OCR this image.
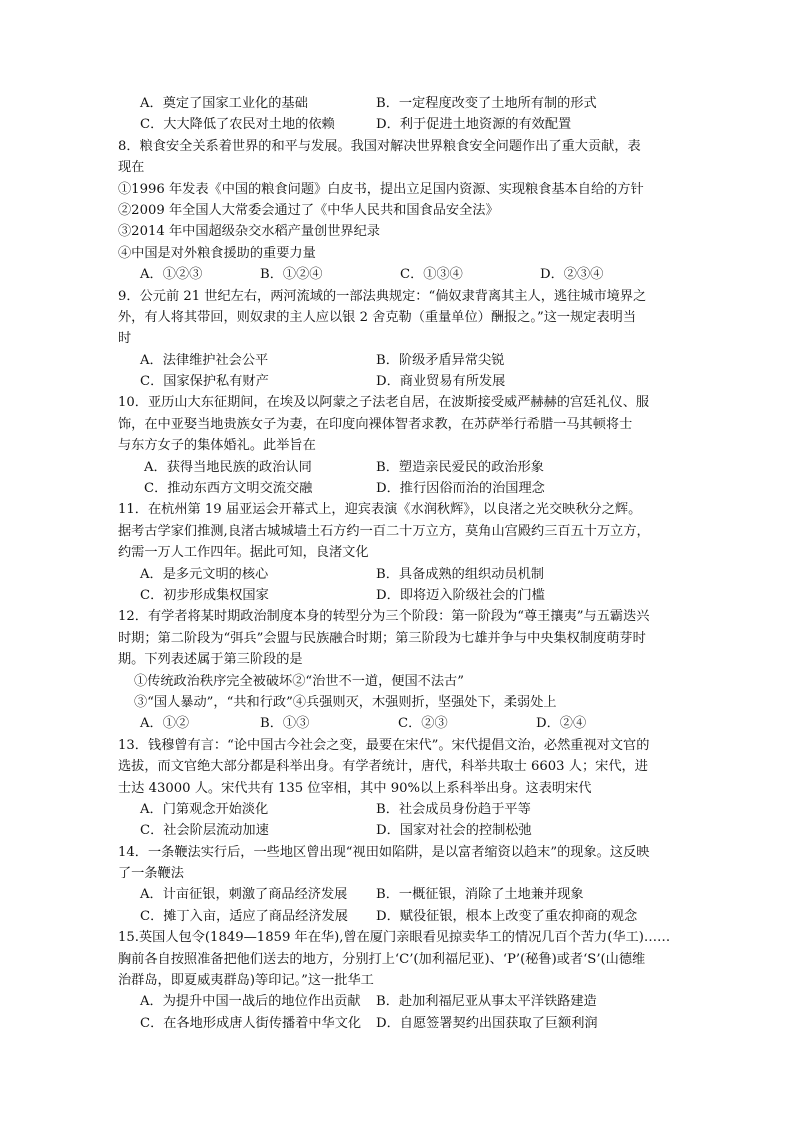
A．奠定了国家工业化的基础	B．一定程度改变了土地所有制的形式
C．大大降低了农民对土地的依赖	D．利于促进土地资源的有效配置
8．粮食安全关系着世界的和平与发展。我国对解决世界粮食安全问题作出了重大贡献，表
现在
①1996 年发表《中国的粮食问题》白皮书，提出立足国内资源、实现粮食基本自给的方针
②2009 年全国人大常委会通过了《中华人民共和国食品安全法》
③2014 年中国超级杂交水稻产量创世界纪录
④中国是对外粮食援助的重要力量
A．①②③	B．①②④	C．①③④	D．②③④
9．公元前 21 世纪左右，两河流域的一部法典规定：“倘奴隶背离其主人，逃往城市境界之
外，有人将其带回，则奴隶的主人应以银 2 舍克勒（重量单位）酬报之。”这一规定表明当
时
A．法律维护社会公平	B．阶级矛盾异常尖锐
C．国家保护私有财产	D．商业贸易有所发展
10．亚历山大东征期间，在埃及以阿蒙之子法老自居，在波斯接受威严赫赫的宫廷礼仪、服
饰，在中亚娶当地贵族女子为妻，在印度向裸体智者求教，在苏萨举行希腊一马其顿将士
与东方女子的集体婚礼。此举旨在
A．获得当地民族的政治认同	B．塑造亲民爱民的政治形象
C．推动东西方文明交流交融	D．推行因俗而治的治国理念
11．在杭州第 19 届亚运会开幕式上，迎宾表演《水润秋辉》，以良渚之光交映秋分之辉。
据考古学家们推测,良渚古城城墙土石方约一百二十万立方，莫角山宫殿约三百五十万立方，
约需一万人工作四年。据此可知，良渚文化
A．是多元文明的核心	B．具备成熟的组织动员机制
C．初步形成集权国家	D．即将迈入阶级社会的门槛
12．有学者将某时期政治制度本身的转型分为三个阶段：第一阶段为“尊王攘夷”与五霸迭兴
时期；第二阶段为“弭兵”会盟与民族融合时期；第三阶段为七雄并争与中央集权制度萌芽时
期。下列表述属于第三阶段的是
①传统政治秩序完全被破坏②“治世不一道，便国不法古”
③“国人暴动”，“共和行政”④兵强则灭，木强则折，坚强处下，柔弱处上
A．①②	B．①③	C．②③	D．②④
13．钱穆曾有言：“论中国古今社会之变，最要在宋代”。宋代提倡文治，必然重视对文官的
选拔，而文官绝大部分都是科举出身。有学者统计，唐代，科举共取士 6603 人；宋代，进
士达 43000 人。宋代共有 135 位宰相，其中 90%以上系科举出身。这表明宋代
A．门第观念开始淡化	B．社会成员身份趋于平等
C．社会阶层流动加速	D．国家对社会的控制松弛
14．一条鞭法实行后，一些地区曾出现“视田如陷阱，是以富者缩资以趋末”的现象。这反映
了一条鞭法
A．计亩征银，刺激了商品经济发展	B．一概征银，消除了土地兼并现象
C．摊丁入亩，适应了商品经济发展	D．赋役征银，根本上改变了重农抑商的观念
15.英国人包令(1849—1859 年在华),曾在厦门亲眼看见掠卖华工的情况几百个苦力(华工)……
胸前各自按照准备把他们送去的地方，分别打上‘C’(加利福尼亚)、‘P’(秘鲁)或者‘S’(山德维
治群岛，即夏威夷群岛)等印记。”这一批华工
A．为提升中国一战后的地位作出贡献	B．赴加利福尼亚从事太平洋铁路建造
C．在各地形成唐人街传播着中华文化	D．自愿签署契约出国获取了巨额利润
